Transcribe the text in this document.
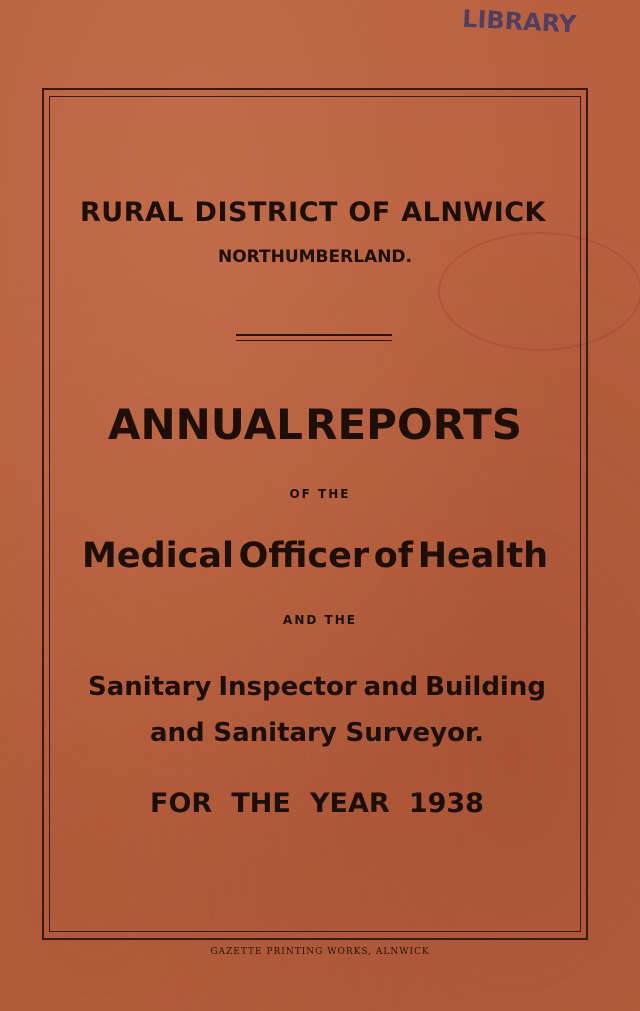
LIBRARY
RURAL DISTRICT OF ALNWICK
NORTHUMBERLAND.
ANNUAL REPORTS
OF THE
Medical Officer of Health
AND THE
Sanitary Inspector and Building
and Sanitary Surveyor.
FOR THE YEAR 1938
GAZETTE PRINTING WORKS, ALNWICK
